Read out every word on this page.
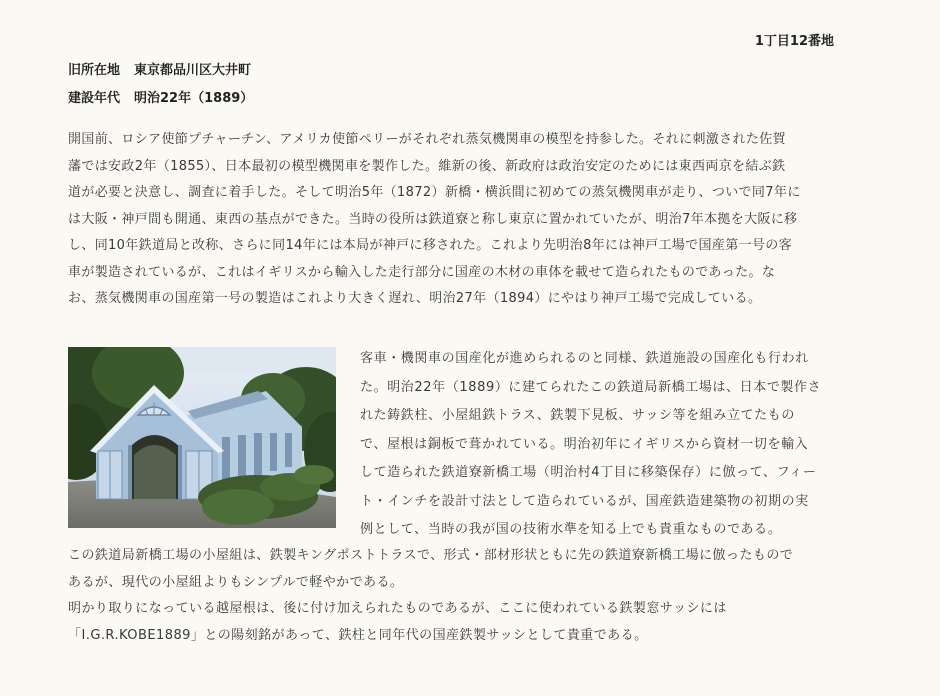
1丁目12番地
旧所在地 東京都品川区大井町
建設年代 明治22年（1889）
開国前、ロシア使節プチャーチン、アメリカ使節ペリーがそれぞれ蒸気機関車の模型を持参した。それに刺激された佐賀
藩では安政2年（1855）、日本最初の模型機関車を製作した。維新の後、新政府は政治安定のためには東西両京を結ぶ鉄
道が必要と決意し、調査に着手した。そして明治5年（1872）新橋・横浜間に初めての蒸気機関車が走り、ついで同7年に
は大阪・神戸間も開通、東西の基点ができた。当時の役所は鉄道寮と称し東京に置かれていたが、明治7年本拠を大阪に移
し、同10年鉄道局と改称、さらに同14年には本局が神戸に移された。これより先明治8年には神戸工場で国産第一号の客
車が製造されているが、これはイギリスから輸入した走行部分に国産の木材の車体を載せて造られたものであった。な
お、蒸気機関車の国産第一号の製造はこれより大きく遅れ、明治27年（1894）にやはり神戸工場で完成している。
客車・機関車の国産化が進められるのと同様、鉄道施設の国産化も行われ
た。明治22年（1889）に建てられたこの鉄道局新橋工場は、日本で製作さ
れた鋳鉄柱、小屋組鉄トラス、鉄製下見板、サッシ等を組み立てたもの
で、屋根は銅板で葺かれている。明治初年にイギリスから資材一切を輸入
して造られた鉄道寮新橋工場（明治村4丁目に移築保存）に倣って、フィー
ト・インチを設計寸法として造られているが、国産鉄造建築物の初期の実
例として、当時の我が国の技術水準を知る上でも貴重なものである。
この鉄道局新橋工場の小屋組は、鉄製キングポストトラスで、形式・部材形状ともに先の鉄道寮新橋工場に倣ったもので
あるが、現代の小屋組よりもシンプルで軽やかである。
明かり取りになっている越屋根は、後に付け加えられたものであるが、ここに使われている鉄製窓サッシには
「I.G.R.KOBE1889」との陽刻銘があって、鉄柱と同年代の国産鉄製サッシとして貴重である。
